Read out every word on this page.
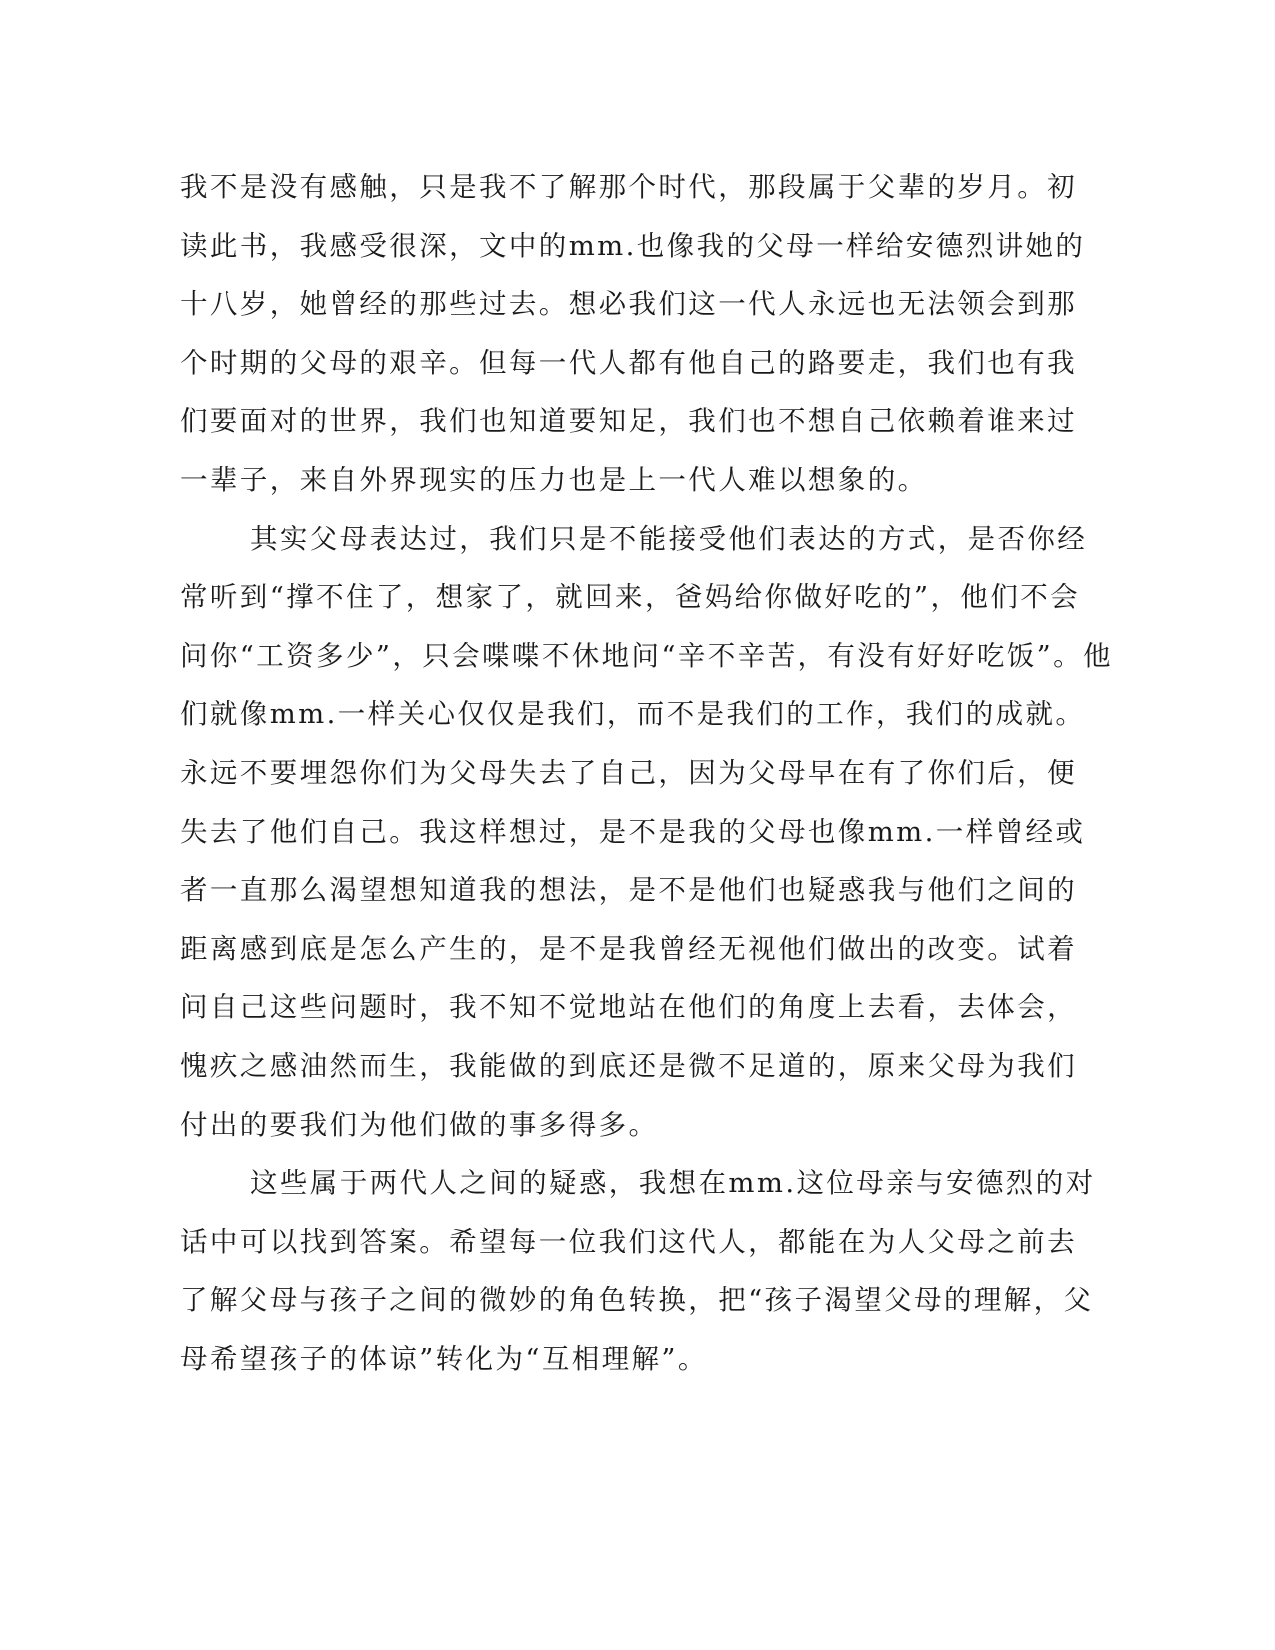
我不是没有感触，只是我不了解那个时代，那段属于父辈的岁月。初
读此书，我感受很深，文中的mm.也像我的父母一样给安德烈讲她的
十八岁，她曾经的那些过去。想必我们这一代人永远也无法领会到那
个时期的父母的艰辛。但每一代人都有他自己的路要走，我们也有我
们要面对的世界，我们也知道要知足，我们也不想自己依赖着谁来过
一辈子，来自外界现实的压力也是上一代人难以想象的。
其实父母表达过，我们只是不能接受他们表达的方式，是否你经
常听到“撑不住了，想家了，就回来，爸妈给你做好吃的”，他们不会
问你“工资多少”，只会喋喋不休地问“辛不辛苦，有没有好好吃饭”。他
们就像mm.一样关心仅仅是我们，而不是我们的工作，我们的成就。
永远不要埋怨你们为父母失去了自己，因为父母早在有了你们后，便
失去了他们自己。我这样想过，是不是我的父母也像mm.一样曾经或
者一直那么渴望想知道我的想法，是不是他们也疑惑我与他们之间的
距离感到底是怎么产生的，是不是我曾经无视他们做出的改变。试着
问自己这些问题时，我不知不觉地站在他们的角度上去看，去体会，
愧疚之感油然而生，我能做的到底还是微不足道的，原来父母为我们
付出的要我们为他们做的事多得多。
这些属于两代人之间的疑惑，我想在mm.这位母亲与安德烈的对
话中可以找到答案。希望每一位我们这代人，都能在为人父母之前去
了解父母与孩子之间的微妙的角色转换，把“孩子渴望父母的理解，父
母希望孩子的体谅”转化为“互相理解”。
